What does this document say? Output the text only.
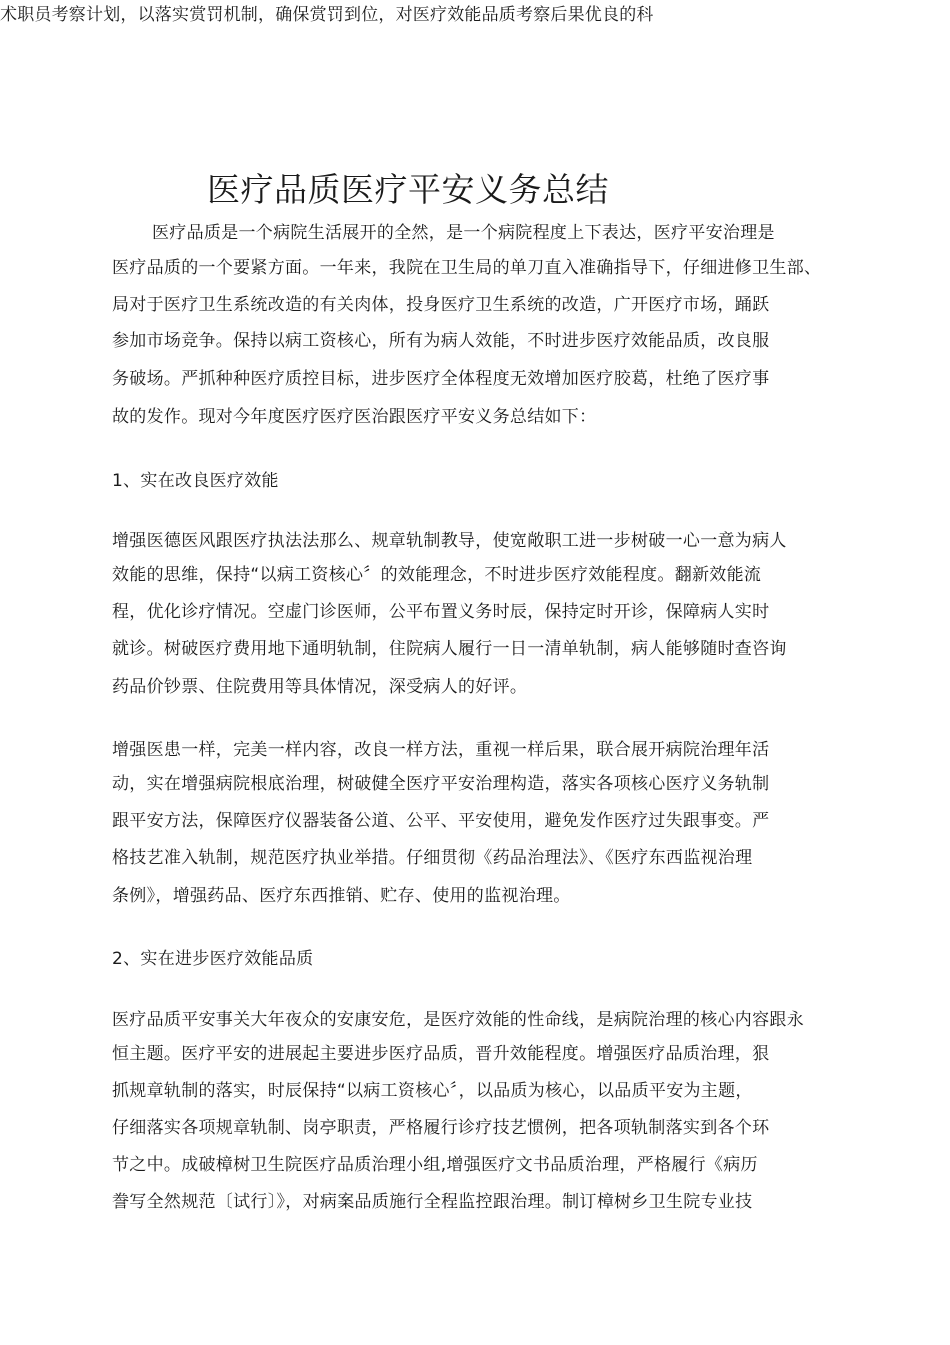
术职员考察计划，以落实赏罚机制，确保赏罚到位，对医疗效能品质考察后果优良的科
医疗品质医疗平安义务总结
医疗品质是一个病院生活展开的全然，是一个病院程度上下表达，医疗平安治理是
医疗品质的一个要紧方面。一年来，我院在卫生局的单刀直入准确指导下，仔细进修卫生部、
局对于医疗卫生系统改造的有关肉体，投身医疗卫生系统的改造，广开医疗市场，踊跃
参加市场竞争。保持以病工资核心，所有为病人效能，不时进步医疗效能品质，改良服
务破场。严抓种种医疗质控目标，进步医疗全体程度无效增加医疗胶葛，杜绝了医疗事
故的发作。现对今年度医疗医疗医治跟医疗平安义务总结如下：
1、实在改良医疗效能
增强医德医风跟医疗执法法那么、规章轨制教导，使宽敞职工进一步树破一心一意为病人
效能的思维，保持“以病工资核心〞的效能理念，不时进步医疗效能程度。翻新效能流
程，优化诊疗情况。空虚门诊医师，公平布置义务时辰，保持定时开诊，保障病人实时
就诊。树破医疗费用地下通明轨制，住院病人履行一日一清单轨制，病人能够随时查咨询
药品价钞票、住院费用等具体情况，深受病人的好评。
增强医患一样，完美一样内容，改良一样方法，重视一样后果，联合展开病院治理年活
动，实在增强病院根底治理，树破健全医疗平安治理构造，落实各项核心医疗义务轨制
跟平安方法，保障医疗仪器装备公道、公平、平安使用，避免发作医疗过失跟事变。严
格技艺准入轨制，规范医疗执业举措。仔细贯彻《药品治理法》、《医疗东西监视治理
条例》，增强药品、医疗东西推销、贮存、使用的监视治理。
2、实在进步医疗效能品质
医疗品质平安事关大年夜众的安康安危，是医疗效能的性命线，是病院治理的核心内容跟永
恒主题。医疗平安的进展起主要进步医疗品质，晋升效能程度。增强医疗品质治理，狠
抓规章轨制的落实，时辰保持“以病工资核心〞，以品质为核心，以品质平安为主题，
仔细落实各项规章轨制、岗亭职责，严格履行诊疗技艺惯例，把各项轨制落实到各个环
节之中。成破樟树卫生院医疗品质治理小组,增强医疗文书品质治理，严格履行《病历
誊写全然规范〔试行〕》，对病案品质施行全程监控跟治理。制订樟树乡卫生院专业技
